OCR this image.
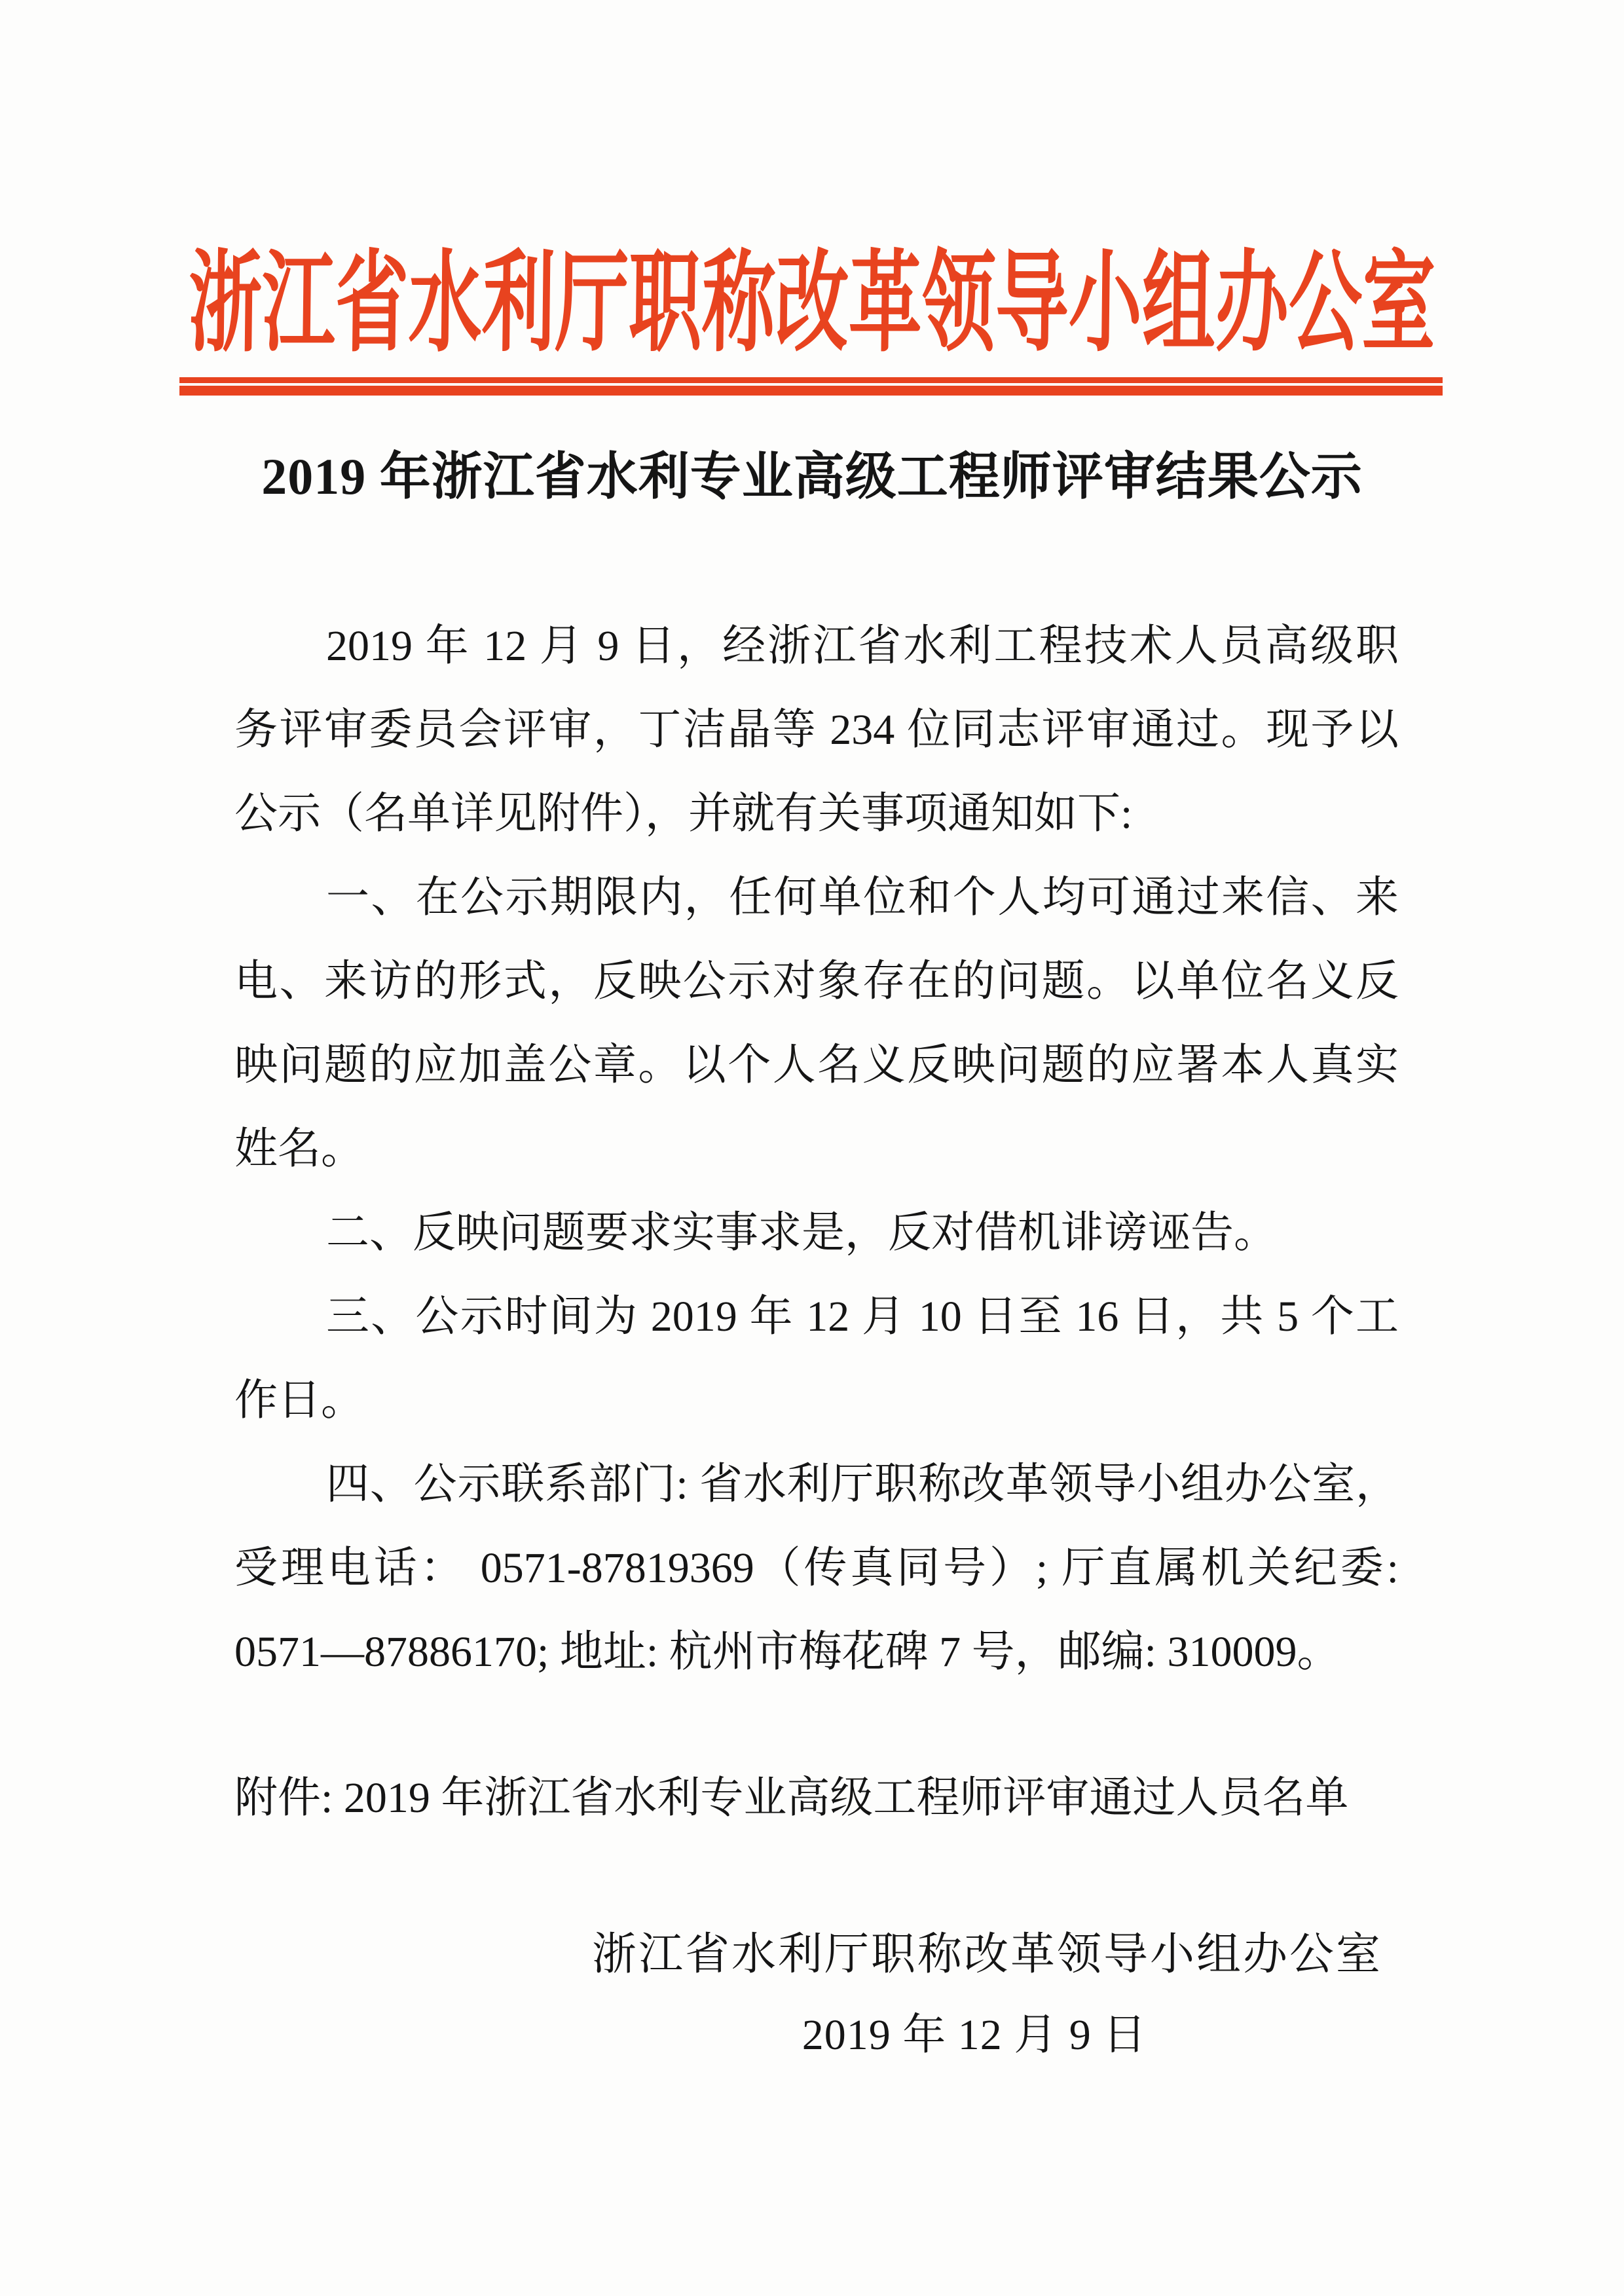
浙江省水利厅职称改革领导小组办公室
2019 年浙江省水利专业高级工程师评审结果公示

2019 年 12 月 9 日，经浙江省水利工程技术人员高级职

务评审委员会评审，丁洁晶等 234 位同志评审通过。现予以

公示（名单详见附件），并就有关事项通知如下:

一、在公示期限内，任何单位和个人均可通过来信、来

电、来访的形式，反映公示对象存在的问题。以单位名义反

映问题的应加盖公章。以个人名义反映问题的应署本人真实

姓名。

二、反映问题要求实事求是，反对借机诽谤诬告。

三、公示时间为 2019 年 12 月 10 日至 16 日，共 5 个工

作日。

四、公示联系部门: 省水利厅职称改革领导小组办公室，

受理电话： 0571-87819369（传真同号）; 厅直属机关纪委:

0571—87886170; 地址: 杭州市梅花碑 7 号，邮编: 310009。

附件: 2019 年浙江省水利专业高级工程师评审通过人员名单

浙江省水利厅职称改革领导小组办公室

2019 年 12 月 9 日
